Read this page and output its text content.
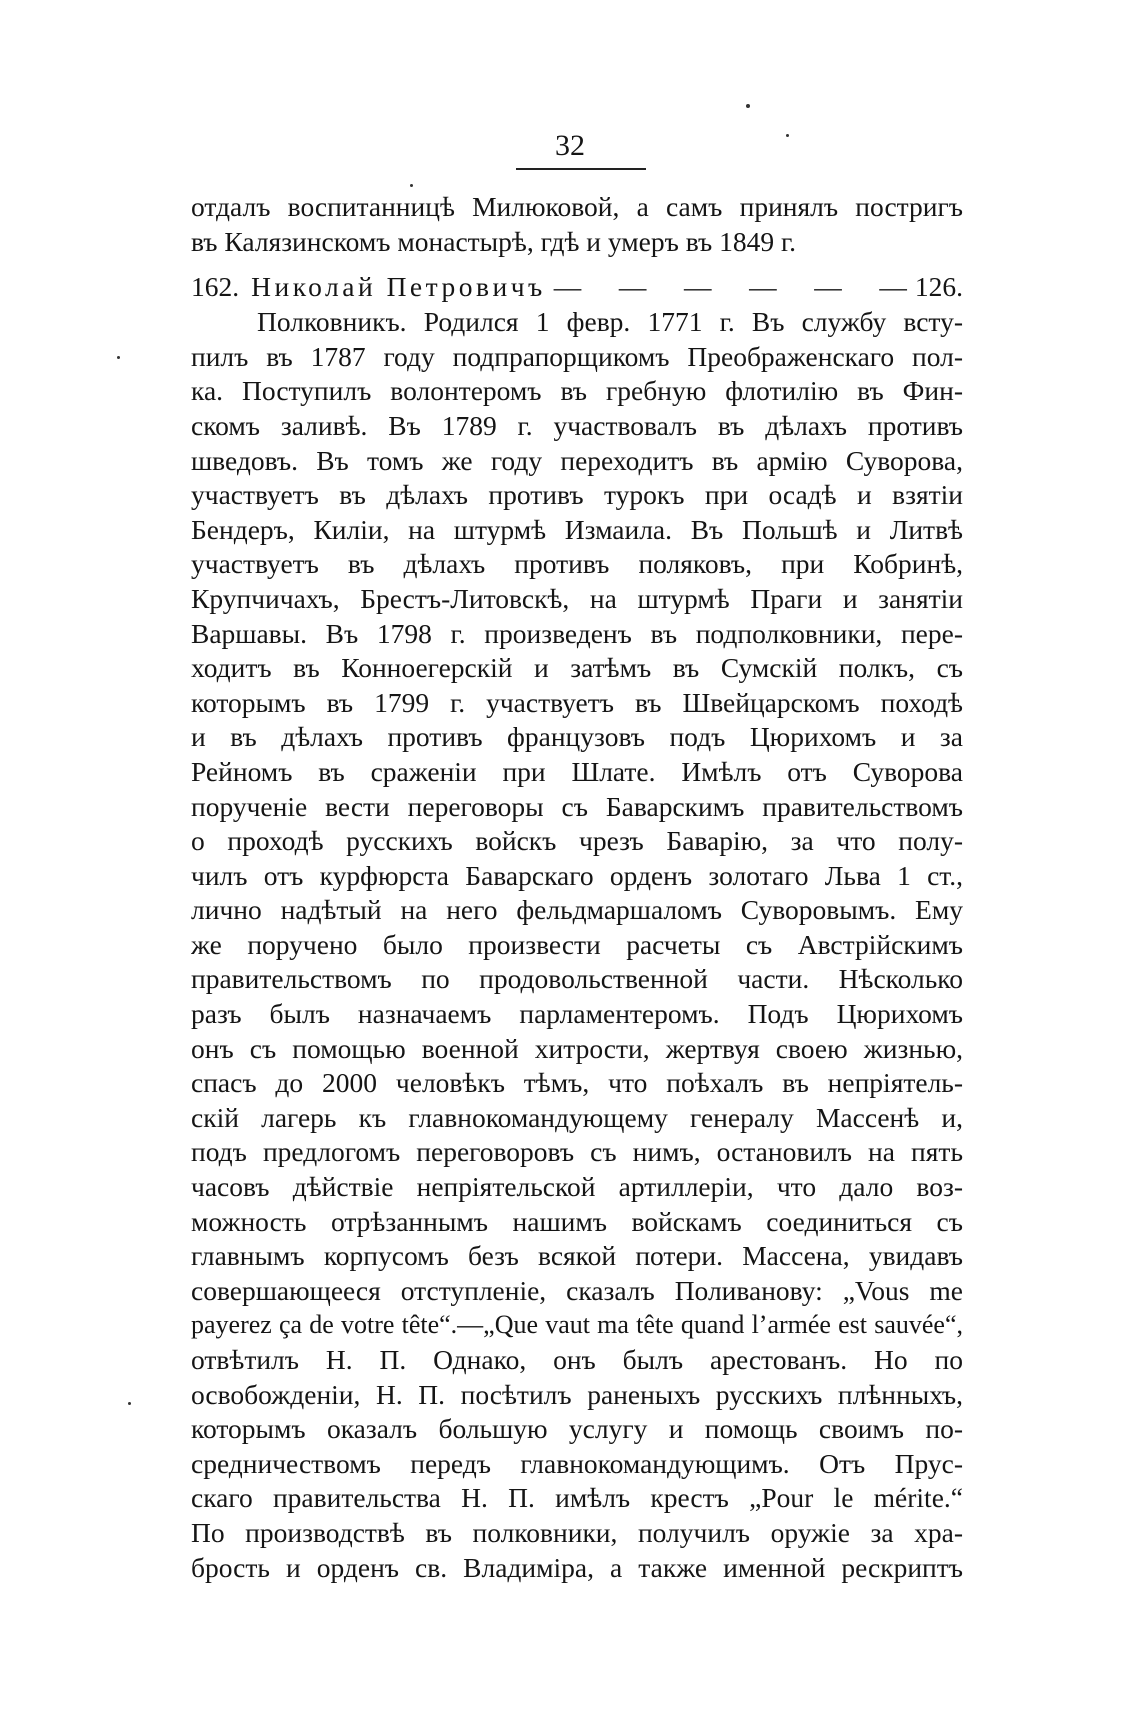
32
отдалъ воспитанницѣ Милюковой, а самъ принялъ постригъ
въ Калязинскомъ монастырѣ, гдѣ и умеръ въ 1849 г.
162. Николай Петровичъ — — — — — — 126.
Полковникъ. Родился 1 февр. 1771 г. Въ службу всту-
пилъ въ 1787 году подпрапорщикомъ Преображенскаго пол-
ка. Поступилъ волонтеромъ въ гребную флотилію въ Фин-
скомъ заливѣ. Въ 1789 г. участвовалъ въ дѣлахъ противъ
шведовъ. Въ томъ же году переходитъ въ армію Суворова,
участвуетъ въ дѣлахъ противъ турокъ при осадѣ и взятіи
Бендеръ, Киліи, на штурмѣ Измаила. Въ Польшѣ и Литвѣ
участвуетъ въ дѣлахъ противъ поляковъ, при Кобринѣ,
Крупчичахъ, Брестъ-Литовскѣ, на штурмѣ Праги и занятіи
Варшавы. Въ 1798 г. произведенъ въ подполковники, пере-
ходитъ въ Конноегерскій и затѣмъ въ Сумскій полкъ, съ
которымъ въ 1799 г. участвуетъ въ Швейцарскомъ походѣ
и въ дѣлахъ противъ французовъ подъ Цюрихомъ и за
Рейномъ въ сраженіи при Шлате. Имѣлъ отъ Суворова
порученіе вести переговоры съ Баварскимъ правительствомъ
о проходѣ русскихъ войскъ чрезъ Баварію, за что полу-
чилъ отъ курфюрста Баварскаго орденъ золотаго Льва 1 ст.,
лично надѣтый на него фельдмаршаломъ Суворовымъ. Ему
же поручено было произвести расчеты съ Австрійскимъ
правительствомъ по продовольственной части. Нѣсколько
разъ былъ назначаемъ парламентеромъ. Подъ Цюрихомъ
онъ съ помощью военной хитрости, жертвуя своею жизнью,
спасъ до 2000 человѣкъ тѣмъ, что поѣхалъ въ непріятель-
скій лагерь къ главнокомандующему генералу Массенѣ и,
подъ предлогомъ переговоровъ съ нимъ, остановилъ на пять
часовъ дѣйствіе непріятельской артиллеріи, что дало воз-
можность отрѣзаннымъ нашимъ войскамъ соединиться съ
главнымъ корпусомъ безъ всякой потери. Массена, увидавъ
совершающееся отступленіе, сказалъ Поливанову: „Vous me
payerez ça de votre tête“.—„Que vaut ma tête quand l’armée est sauvée“,
отвѣтилъ Н. П. Однако, онъ былъ арестованъ. Но по
освобожденіи, Н. П. посѣтилъ раненыхъ русскихъ плѣнныхъ,
которымъ оказалъ большую услугу и помощь своимъ по-
средничествомъ передъ главнокомандующимъ. Отъ Прус-
скаго правительства Н. П. имѣлъ крестъ „Pour le mérite.“
По производствѣ въ полковники, получилъ оружіе за хра-
брость и орденъ св. Владиміра, а также именной рескриптъ
